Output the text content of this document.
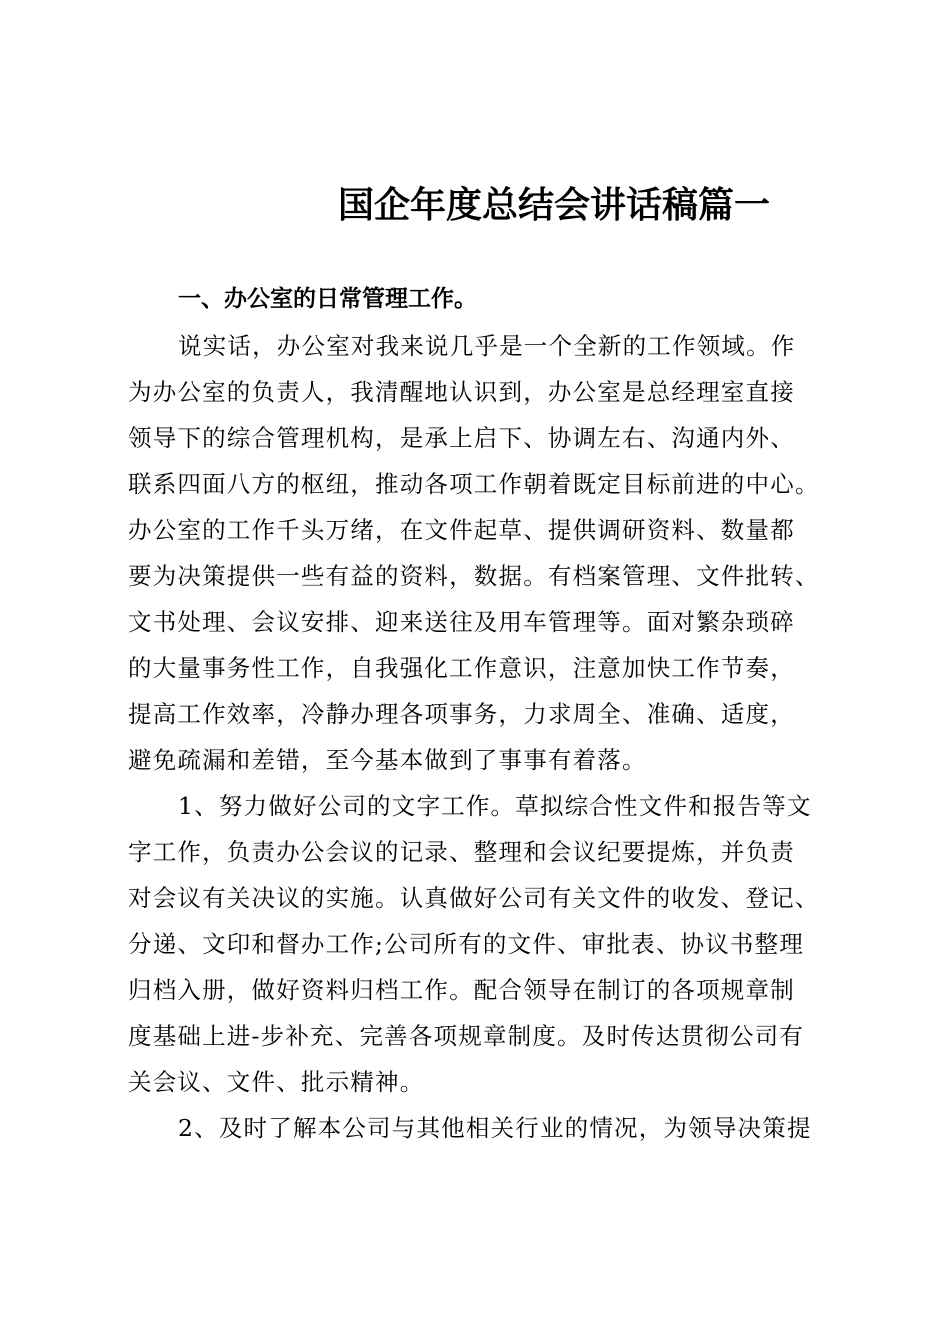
国企年度总结会讲话稿篇一
一、办公室的日常管理工作。
说实话，办公室对我来说几乎是一个全新的工作领域。作
为办公室的负责人，我清醒地认识到，办公室是总经理室直接
领导下的综合管理机构，是承上启下、协调左右、沟通内外、
联系四面八方的枢纽，推动各项工作朝着既定目标前进的中心。
办公室的工作千头万绪，在文件起草、提供调研资料、数量都
要为决策提供一些有益的资料，数据。有档案管理、文件批转、
文书处理、会议安排、迎来送往及用车管理等。面对繁杂琐碎
的大量事务性工作，自我强化工作意识，注意加快工作节奏，
提高工作效率，冷静办理各项事务，力求周全、准确、适度，
避免疏漏和差错，至今基本做到了事事有着落。
1、努力做好公司的文字工作。草拟综合性文件和报告等文
字工作，负责办公会议的记录、整理和会议纪要提炼，并负责
对会议有关决议的实施。认真做好公司有关文件的收发、登记、
分递、文印和督办工作;公司所有的文件、审批表、协议书整理
归档入册，做好资料归档工作。配合领导在制订的各项规章制
度基础上进-步补充、完善各项规章制度。及时传达贯彻公司有
关会议、文件、批示精神。
2、及时了解本公司与其他相关行业的情况，为领导决策提
